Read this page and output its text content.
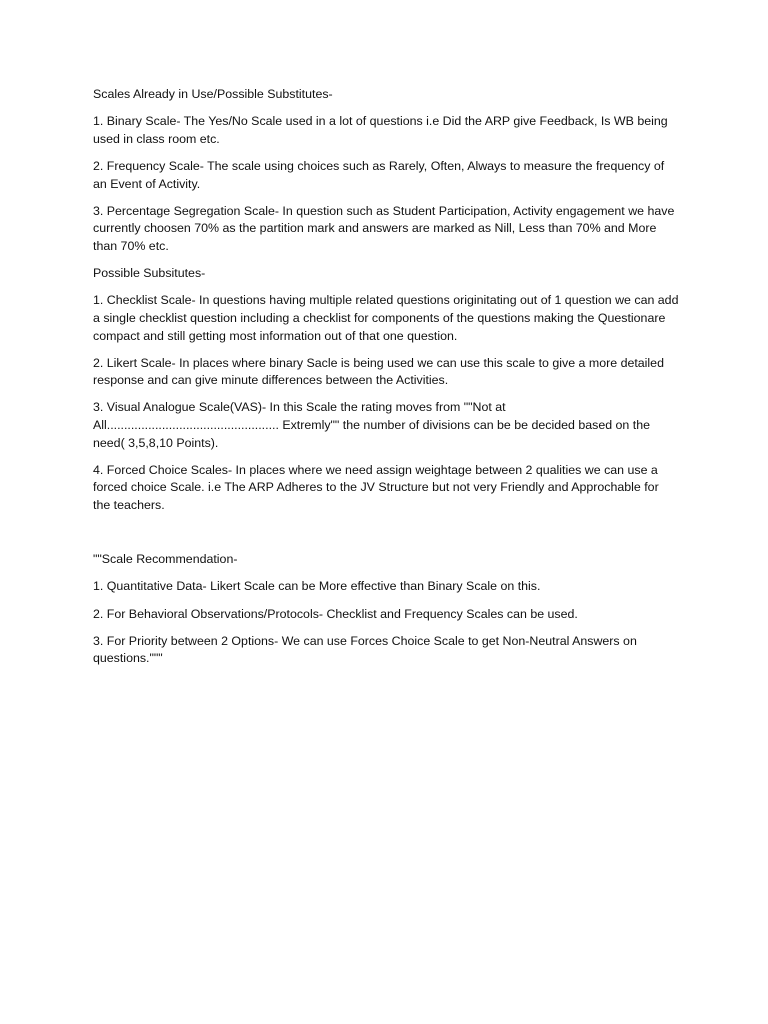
Scales Already in Use/Possible Substitutes-

1. Binary Scale- The Yes/No Scale used in a lot of questions i.e Did the ARP give Feedback, Is WB being used in class room etc.

2. Frequency Scale- The scale using choices such as Rarely, Often, Always to measure the frequency of an Event of Activity.

3. Percentage Segregation Scale- In question such as Student Participation, Activity engagement we have currently choosen 70% as the partition mark and answers are marked as Nill, Less than 70% and More than 70% etc.

Possible Subsitutes-

1. Checklist Scale- In questions having multiple related questions originitating out of 1 question we can add a single checklist question including a checklist for components of the questions making the Questionare compact and still getting most information out of that one question.

2. Likert Scale- In places where binary Sacle is being used we can use this scale to give a more detailed response and can give minute differences between the Activities.

3. Visual Analogue Scale(VAS)- In this Scale the rating moves from ""Not at All.................................................. Extremly"" the number of divisions can be be decided based on the need( 3,5,8,10 Points).

4. Forced Choice Scales- In places where we need assign weightage between 2 qualities we can use a forced choice Scale. i.e The ARP Adheres to the JV Structure but not very Friendly and Approchable for the teachers.

""Scale Recommendation-

1. Quantitative Data- Likert Scale can be More effective than Binary Scale on this.

2. For Behavioral Observations/Protocols- Checklist and Frequency Scales can be used.

3. For Priority between 2 Options- We can use Forces Choice Scale to get Non-Neutral Answers on questions."""
